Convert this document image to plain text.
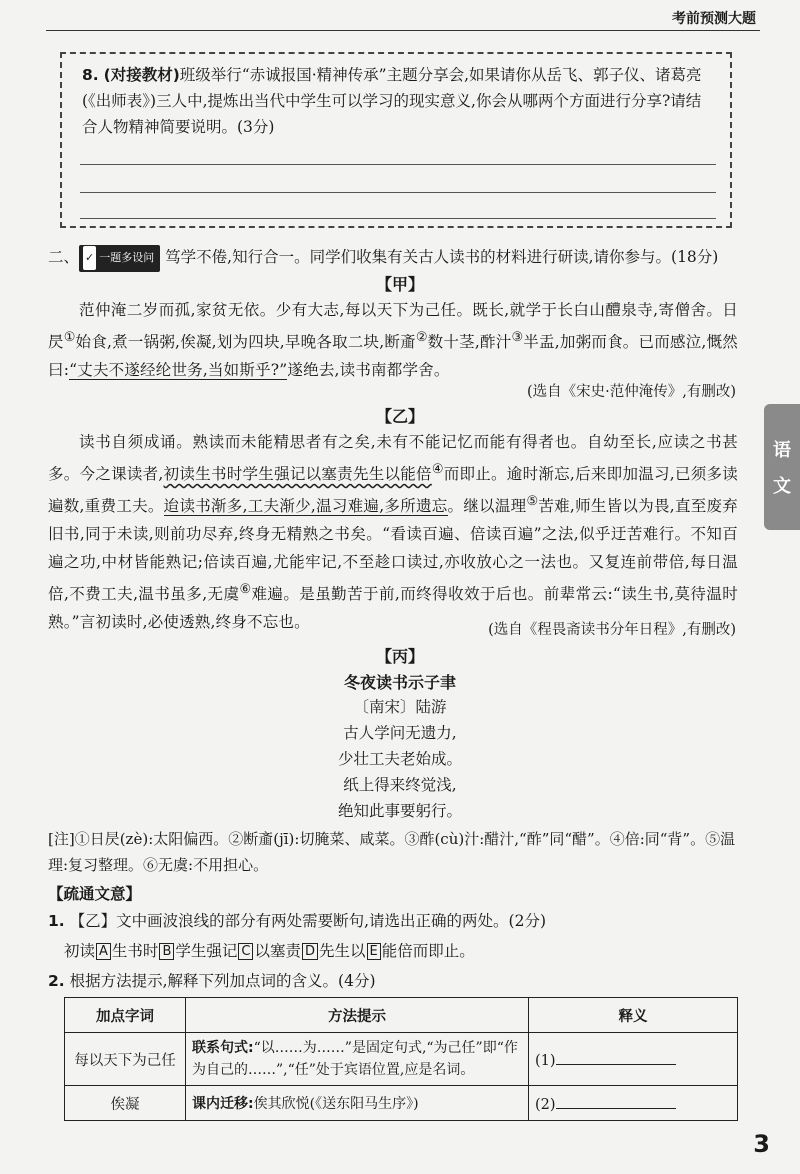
考前预测大题

8. (对接教材)班级举行“赤诚报国·精神传承”主题分享会,如果请你从岳飞、郭子仪、诸葛亮(《出师表》)三人中,提炼出当代中学生可以学习的现实意义,你会从哪两个方面进行分享?请结合人物精神简要说明。(3分)

二、 ✓ 一题多设问 笃学不倦,知行合一。同学们收集有关古人读书的材料进行研读,请你参与。(18分)
【甲】

范仲淹二岁而孤,家贫无依。少有大志,每以天下为己任。既长,就学于长白山醴泉寺,寄僧舍。日昃①始食,煮一锅粥,俟凝,划为四块,早晚各取二块,断齑②数十茎,酢汁③半盂,加粥而食。已而感泣,慨然曰:“丈夫不遂经纶世务,当如斯乎?”遂绝去,读书南都学舍。

(选自《宋史·范仲淹传》,有删改)
【乙】

读书自须成诵。熟读而未能精思者有之矣,未有不能记忆而能有得者也。自幼至长,应读之书甚多。今之课读者,初读生书时学生强记以塞责先生以能倍④而即止。逾时渐忘,后来即加温习,已须多读遍数,重费工夫。迨读书渐多,工夫渐少,温习难遍,多所遗忘。继以温理⑤苦难,师生皆以为畏,直至废弃旧书,同于未读,则前功尽弃,终身无精熟之书矣。“看读百遍、倍读百遍”之法,似乎迂苦难行。不知百遍之功,中材皆能熟记;倍读百遍,尤能牢记,不至趁口读过,亦收放心之一法也。又复连前带倍,每日温倍,不费工夫,温书虽多,无虞⑥难遍。是虽勤苦于前,而终得收效于后也。前辈常云:“读生书,莫待温时熟。”言初读时,必使透熟,终身不忘也。	(选自《程畏斋读书分年日程》,有删改)
【丙】
冬夜读书示子聿
〔南宋〕陆游
古人学问无遗力,
少壮工夫老始成。
纸上得来终觉浅,
绝知此事要躬行。

[注]①日昃(zè):太阳偏西。②断齑(jī):切腌菜、咸菜。③酢(cù)汁:醋汁,“酢”同“醋”。④倍:同“背”。⑤温理:复习整理。⑥无虞:不用担心。

【疏通文意】

1. 【乙】文中画波浪线的部分有两处需要断句,请选出正确的两处。(2分)

初读 A 生书时 B 学生强记 C 以塞责 D 先生以 E 能倍而即止。

2. 根据方法提示,解释下列加点词的含义。(4分)

加点字词	方法提示	释义
每以天下为己任	联系句式:“以……为……”是固定句式,“为己任”即“作为自己的……”,“任”处于宾语位置,应是名词。	(1)
俟凝	课内迁移:俟其欣悦(《送东阳马生序》)	(2)
语
文
3
